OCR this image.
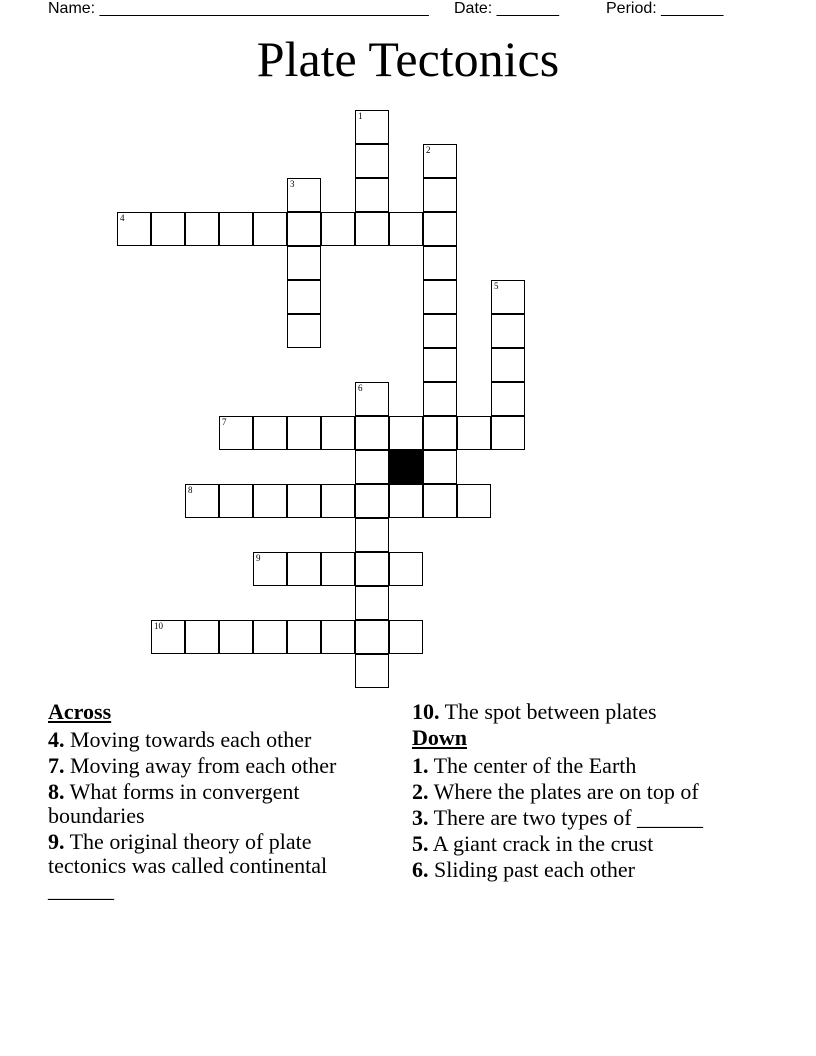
Name: _____________________________________ Date: _______	Period: _______
Plate Tectonics
1
2
3
4
5
6
7
8
9
10
Across
4. Moving towards each other
7. Moving away from each other
8. What forms in convergent boundaries
9. The original theory of plate tectonics was called continental ______
10. The spot between plates
Down
1. The center of the Earth
2. Where the plates are on top of
3. There are two types of ______
5. A giant crack in the crust
6. Sliding past each other
